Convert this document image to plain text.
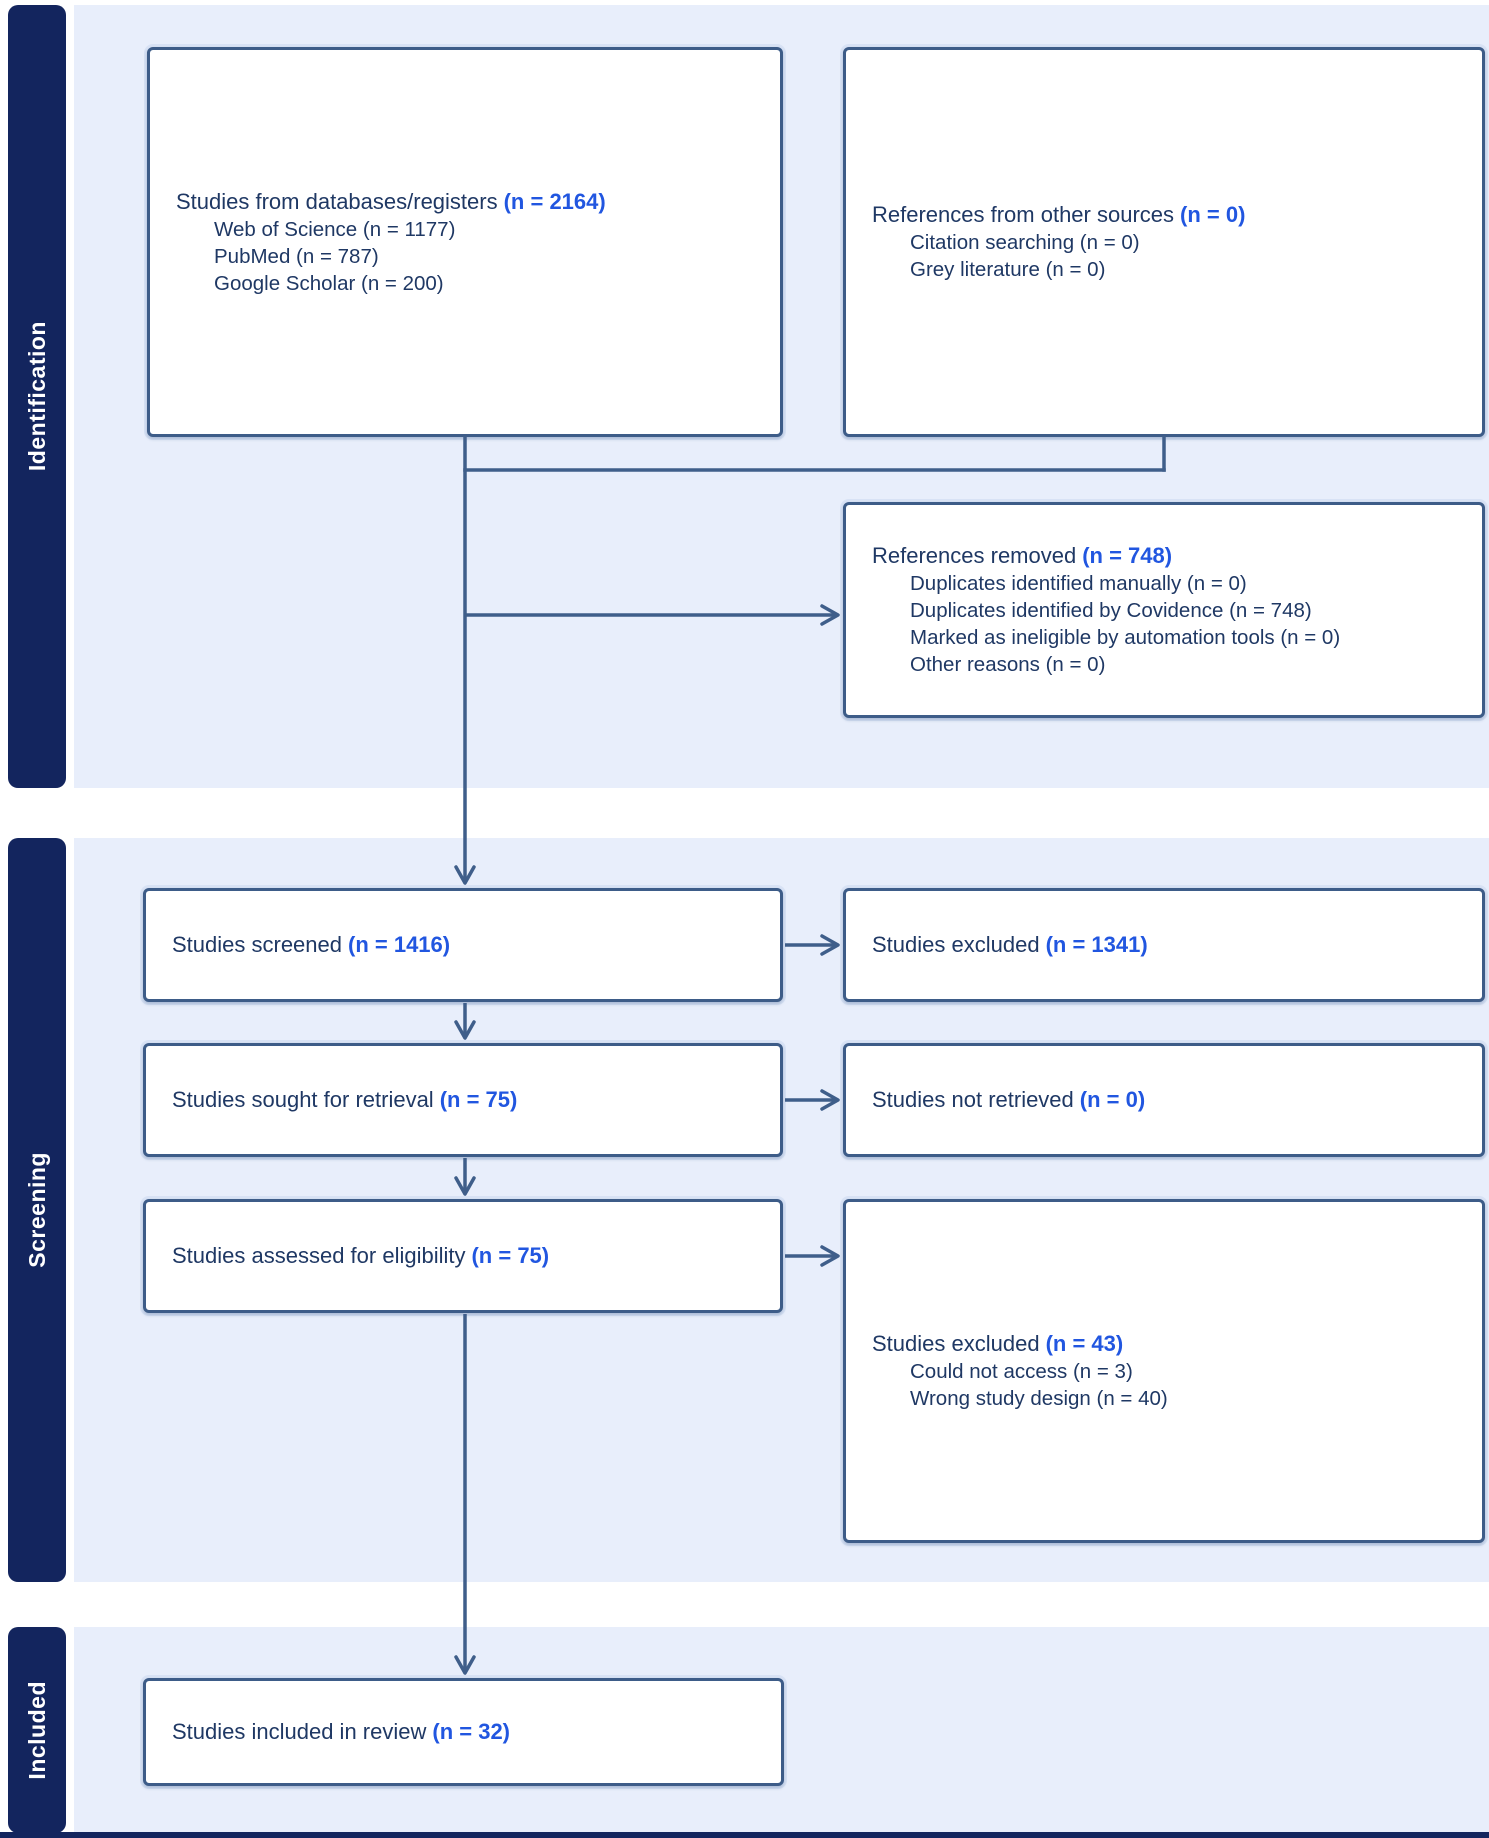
Identification
Screening
Included
Studies from databases/registers (n = 2164)
Web of Science (n = 1177)
PubMed (n = 787)
Google Scholar (n = 200)
References from other sources (n = 0)
Citation searching (n = 0)
Grey literature (n = 0)
References removed (n = 748)
Duplicates identified manually (n = 0)
Duplicates identified by Covidence (n = 748)
Marked as ineligible by automation tools (n = 0)
Other reasons (n = 0)
Studies screened (n = 1416)	Studies excluded (n = 1341)
Studies sought for retrieval (n = 75)	Studies not retrieved (n = 0)
Studies assessed for eligibility (n = 75)
Studies excluded (n = 43)
Could not access (n = 3)
Wrong study design (n = 40)
Studies included in review (n = 32)
